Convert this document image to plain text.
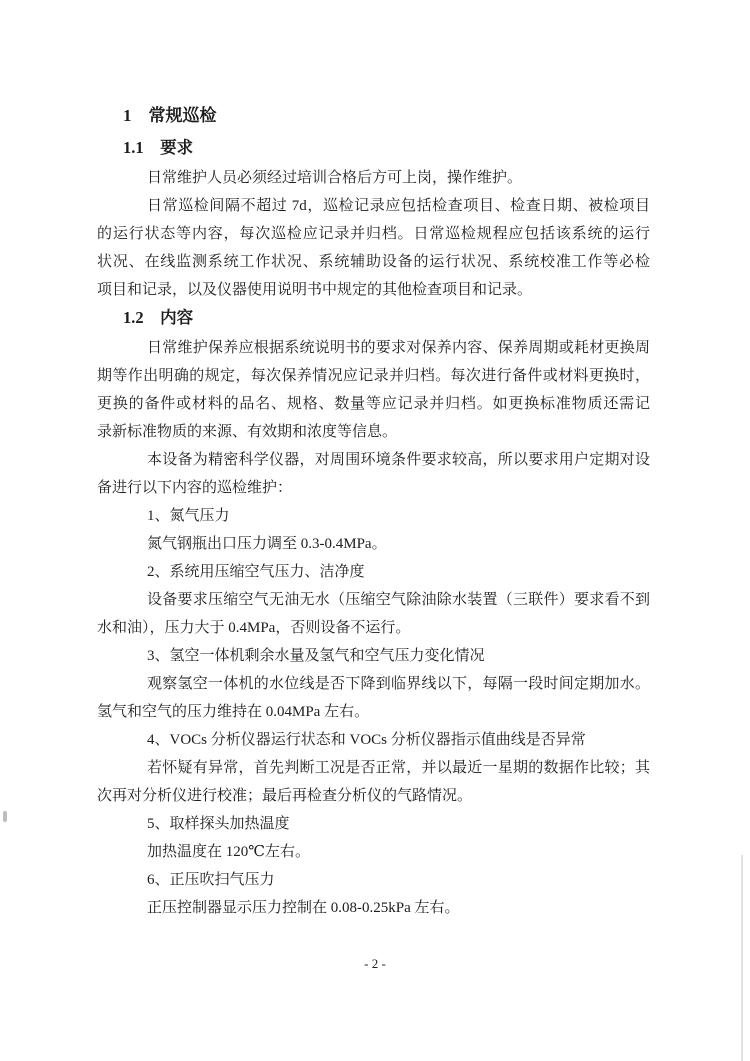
1　常规巡检
1.1　要求
日常维护人员必须经过培训合格后方可上岗，操作维护。
日常巡检间隔不超过 7d，巡检记录应包括检查项目、检查日期、被检项目
的运行状态等内容，每次巡检应记录并归档。日常巡检规程应包括该系统的运行
状况、在线监测系统工作状况、系统辅助设备的运行状况、系统校准工作等必检
项目和记录，以及仪器使用说明书中规定的其他检查项目和记录。
1.2　内容
日常维护保养应根据系统说明书的要求对保养内容、保养周期或耗材更换周
期等作出明确的规定，每次保养情况应记录并归档。每次进行备件或材料更换时，
更换的备件或材料的品名、规格、数量等应记录并归档。如更换标准物质还需记
录新标准物质的来源、有效期和浓度等信息。
本设备为精密科学仪器，对周围环境条件要求较高，所以要求用户定期对设
备进行以下内容的巡检维护：
1、氮气压力
氮气钢瓶出口压力调至 0.3-0.4MPa。
2、系统用压缩空气压力、洁净度
设备要求压缩空气无油无水（压缩空气除油除水装置（三联件）要求看不到
水和油），压力大于 0.4MPa，否则设备不运行。
3、氢空一体机剩余水量及氢气和空气压力变化情况
观察氢空一体机的水位线是否下降到临界线以下，每隔一段时间定期加水。
氢气和空气的压力维持在 0.04MPa 左右。
4、VOCs 分析仪器运行状态和 VOCs 分析仪器指示值曲线是否异常
若怀疑有异常，首先判断工况是否正常，并以最近一星期的数据作比较；其
次再对分析仪进行校准；最后再检查分析仪的气路情况。
5、取样探头加热温度
加热温度在 120℃左右。
6、正压吹扫气压力
正压控制器显示压力控制在 0.08-0.25kPa 左右。
- 2 -
